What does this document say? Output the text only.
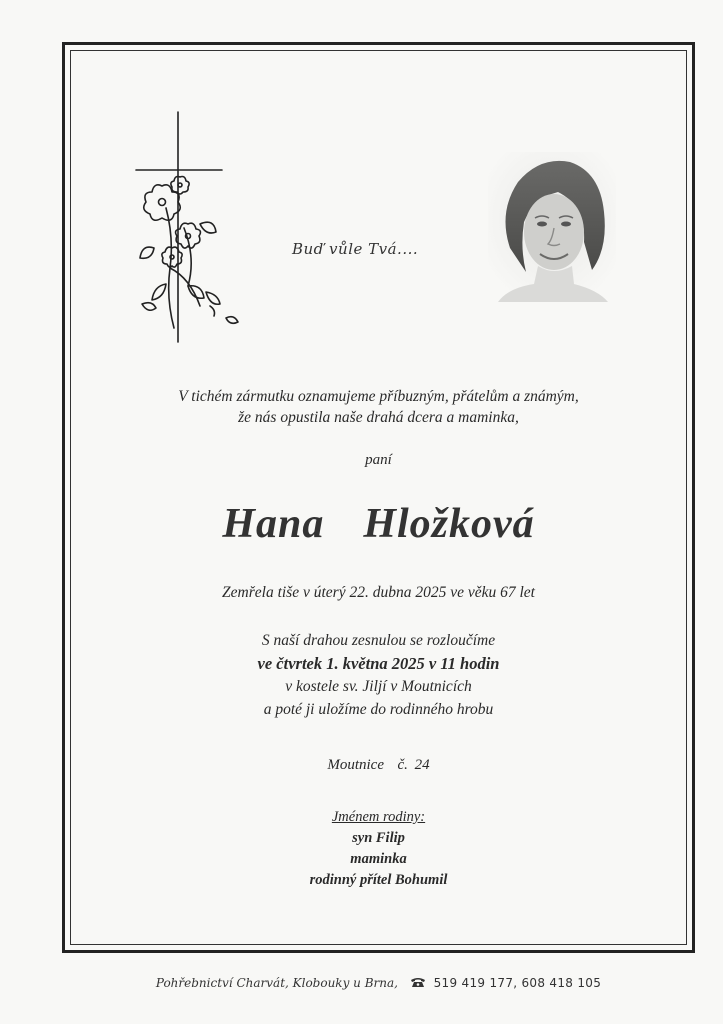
Buď vůle Tvá....
V tichém zármutku oznamujeme příbuzným, přátelům a známým,
že nás opustila naše drahá dcera a maminka,
paní
Hana  Hložková
Zemřela tiše v úterý 22. dubna 2025 ve věku 67 let
S naší drahou zesnulou se rozloučíme
ve čtvrtek 1. května 2025 v 11 hodin
v kostele sv. Jiljí v Moutnicích
a poté ji uložíme do rodinného hrobu
Moutnice  č. 24
Jménem rodiny:
syn Filip
maminka
rodinný přítel Bohumil
Pohřebnictví Charvát, Klobouky u Brna,	519 419 177, 608 418 105
